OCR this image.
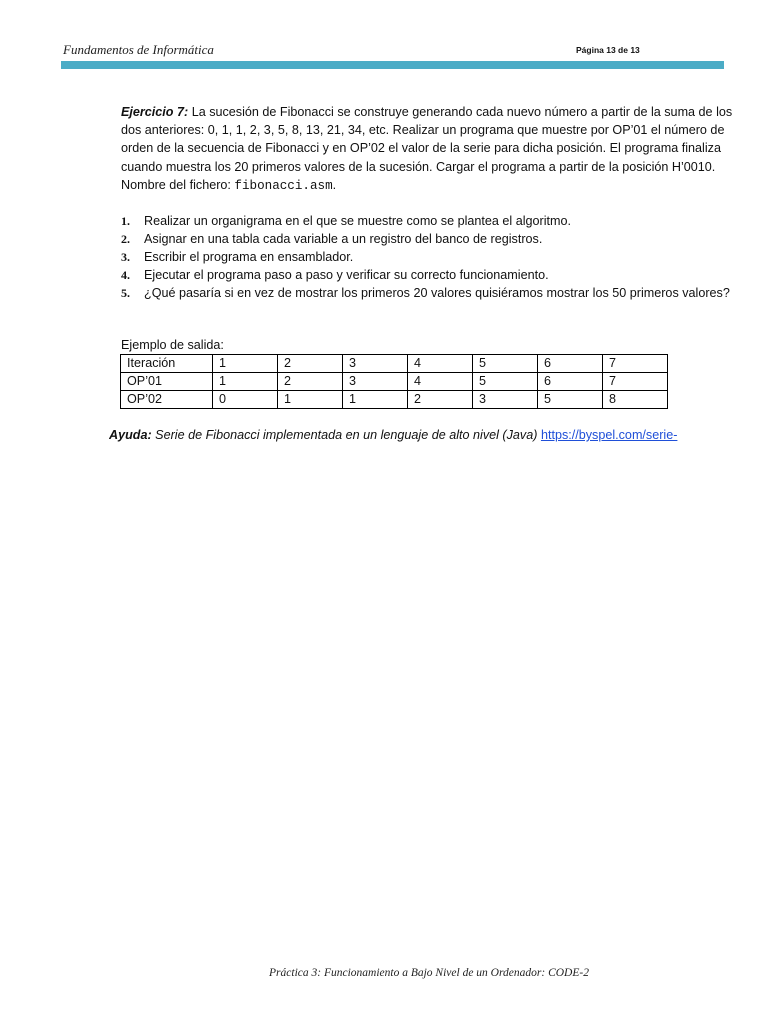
Fundamentos de Informática	Página 13 de 13
Ejercicio 7: La sucesión de Fibonacci se construye generando cada nuevo número a partir de la suma de los dos anteriores: 0, 1, 1, 2, 3, 5, 8, 13, 21, 34, etc. Realizar un programa que muestre por OP’01 el número de orden de la secuencia de Fibonacci y en OP’02 el valor de la serie para dicha posición. El programa finaliza cuando muestra los 20 primeros valores de la sucesión. Cargar el programa a partir de la posición H’0010. Nombre del fichero: fibonacci.asm.
1. Realizar un organigrama en el que se muestre como se plantea el algoritmo.
2. Asignar en una tabla cada variable a un registro del banco de registros.
3. Escribir el programa en ensamblador.
4. Ejecutar el programa paso a paso y verificar su correcto funcionamiento.
5. ¿Qué pasaría si en vez de mostrar los primeros 20 valores quisiéramos mostrar los 50 primeros valores?
Ejemplo de salida:
Iteración	1	2	3	4	5	6	7
OP’01	1	2	3	4	5	6	7
OP’02	0	1	1	2	3	5	8
Ayuda: Serie de Fibonacci implementada en un lenguaje de alto nivel (Java) https://byspel.com/serie-
Práctica 3: Funcionamiento a Bajo Nivel de un Ordenador: CODE-2
